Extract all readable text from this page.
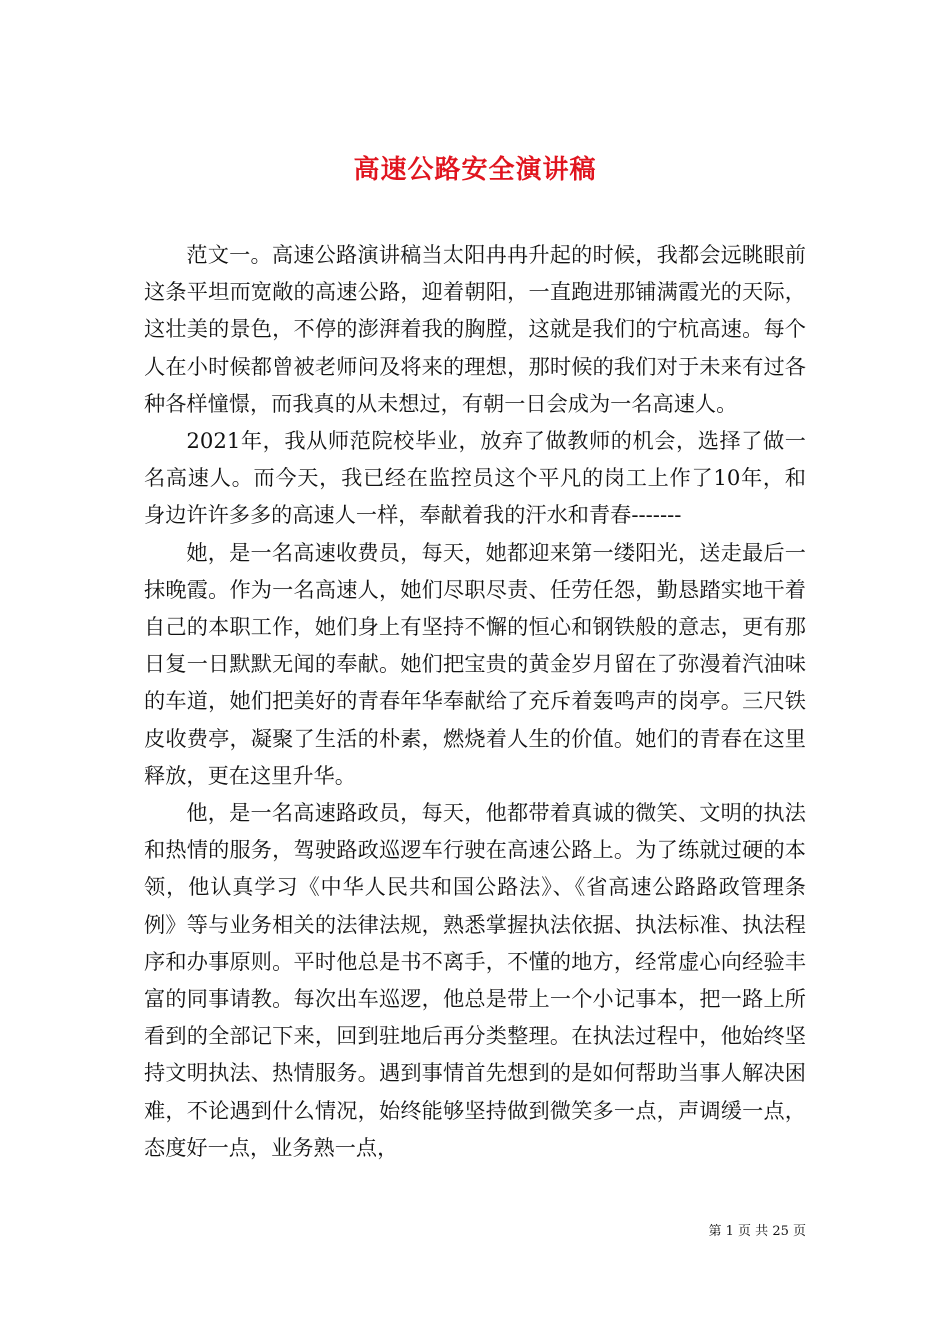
高速公路安全演讲稿

范文一。高速公路演讲稿当太阳冉冉升起的时候，我都会远眺眼前这条平坦而宽敞的高速公路，迎着朝阳，一直跑进那铺满霞光的天际，这壮美的景色，不停的澎湃着我的胸膛，这就是我们的宁杭高速。每个人在小时候都曾被老师问及将来的理想，那时候的我们对于未来有过各种各样憧憬，而我真的从未想过，有朝一日会成为一名高速人。

2021年，我从师范院校毕业，放弃了做教师的机会，选择了做一名高速人。而今天，我已经在监控员这个平凡的岗工上作了10年，和身边许许多多的高速人一样，奉献着我的汗水和青春-------

她，是一名高速收费员，每天，她都迎来第一缕阳光，送走最后一抹晚霞。作为一名高速人，她们尽职尽责、任劳任怨，勤恳踏实地干着自己的本职工作，她们身上有坚持不懈的恒心和钢铁般的意志，更有那日复一日默默无闻的奉献。她们把宝贵的黄金岁月留在了弥漫着汽油味的车道，她们把美好的青春年华奉献给了充斥着轰鸣声的岗亭。三尺铁皮收费亭，凝聚了生活的朴素，燃烧着人生的价值。她们的青春在这里释放，更在这里升华。

他，是一名高速路政员，每天，他都带着真诚的微笑、文明的执法和热情的服务，驾驶路政巡逻车行驶在高速公路上。为了练就过硬的本领，他认真学习《中华人民共和国公路法》、《省高速公路路政管理条例》等与业务相关的法律法规，熟悉掌握执法依据、执法标准、执法程序和办事原则。平时他总是书不离手，不懂的地方，经常虚心向经验丰富的同事请教。每次出车巡逻，他总是带上一个小记事本，把一路上所看到的全部记下来，回到驻地后再分类整理。在执法过程中，他始终坚持文明执法、热情服务。遇到事情首先想到的是如何帮助当事人解决困难，不论遇到什么情况，始终能够坚持做到微笑多一点，声调缓一点，态度好一点，业务熟一点，

第 1 页 共 25 页
